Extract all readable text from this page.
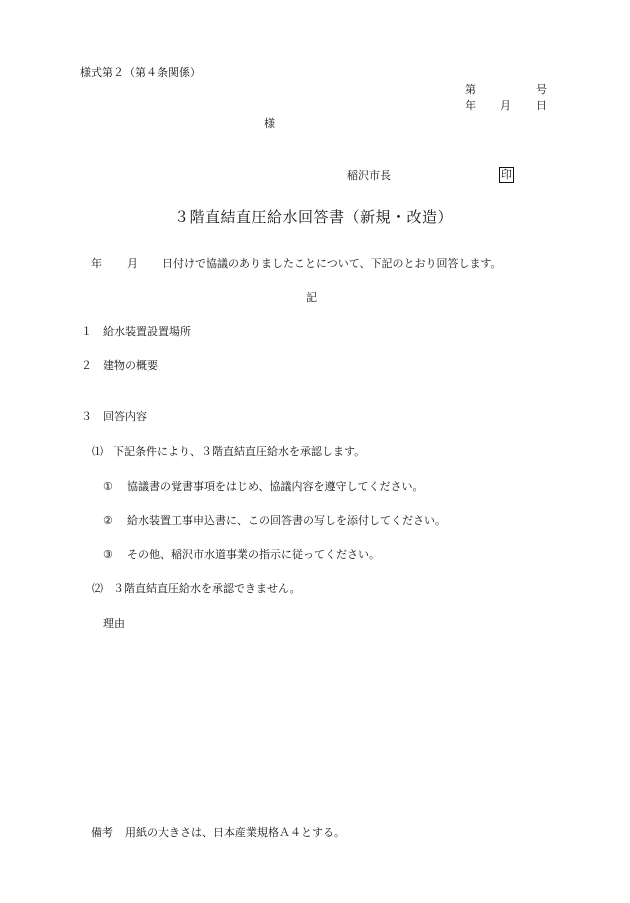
様式第２（第４条関係）
第	号
年 月 日
様
稲沢市長	印
３階直結直圧給水回答書（新規・改造）
年 月 日付けで協議のありましたことについて、下記のとおり回答します。
記
１ 給水装置設置場所
２ 建物の概要
３ 回答内容
⑴ 下記条件により、３階直結直圧給水を承認します。
① 協議書の覚書事項をはじめ、協議内容を遵守してください。
② 給水装置工事申込書に、この回答書の写しを添付してください。
③ その他、稲沢市水道事業の指示に従ってください。
⑵ ３階直結直圧給水を承認できません。
理由
備考 用紙の大きさは、日本産業規格Ａ４とする。
